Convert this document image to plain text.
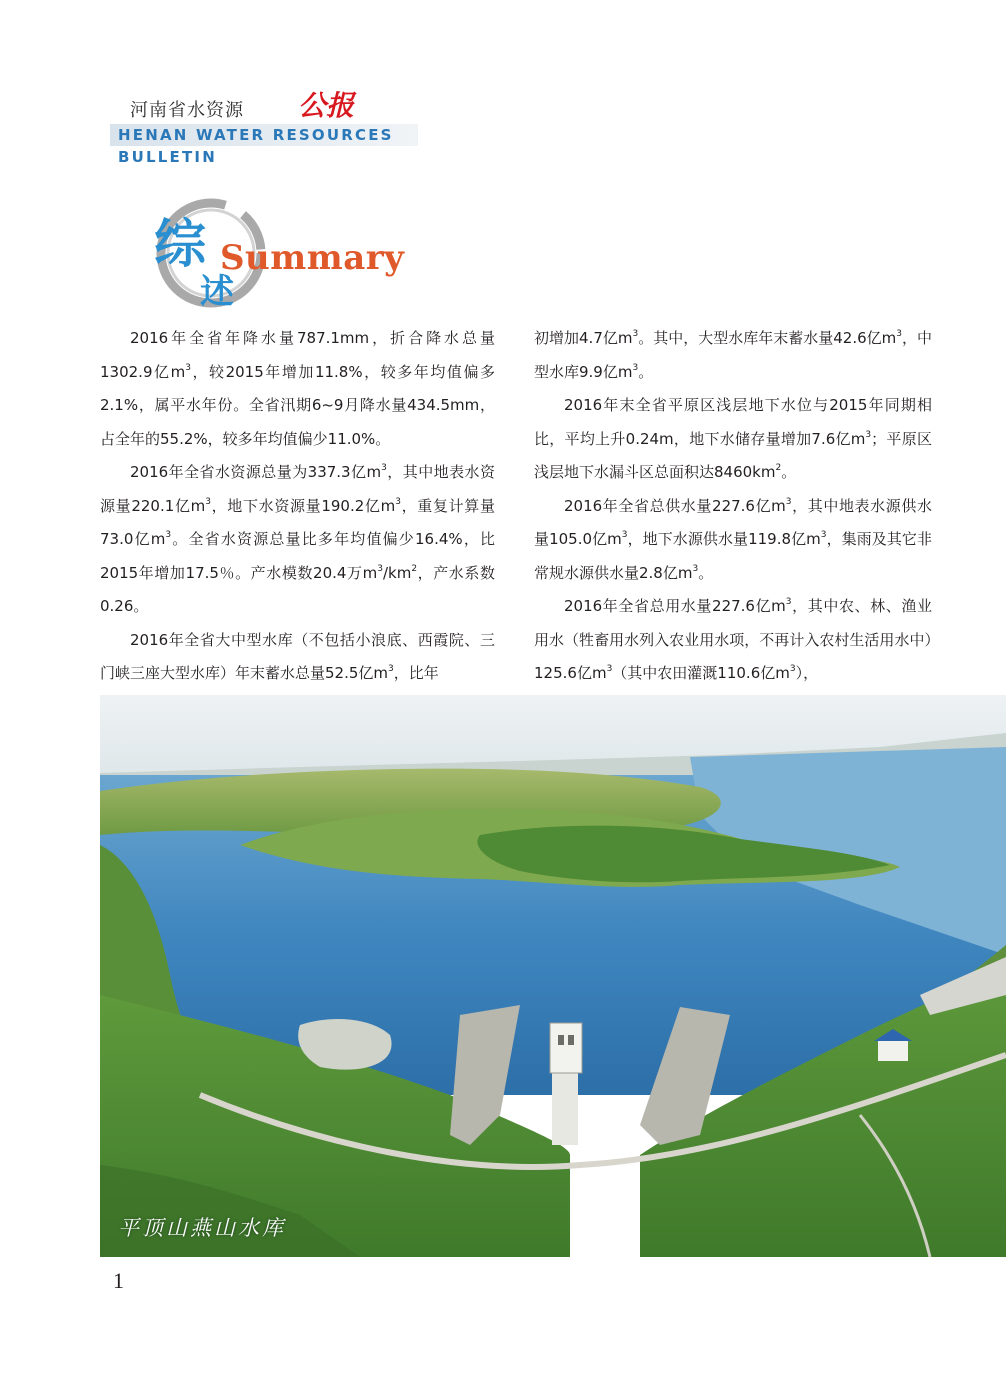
河南省水资源 公报
HENAN WATER RESOURCES BULLETIN
综
述
Summary

2016年全省年降水量787.1mm，折合降水总量1302.9亿$m^3$，较2015年增加11.8%，较多年均值偏多2.1%，属平水年份。全省汛期6~9月降水量434.5mm，占全年的55.2%，较多年均值偏少11.0%。

2016年全省水资源总量为337.3亿$m^3$，其中地表水资源量220.1亿$m^3$，地下水资源量190.2亿$m^3$，重复计算量73.0亿$m^3$。全省水资源总量比多年均值偏少16.4%，比2015年增加17.5％。产水模数20.4万$m^3/km^2$，产水系数0.26。

2016年全省大中型水库（不包括小浪底、西霞院、三门峡三座大型水库）年末蓄水总量52.5亿$m^3$，比年

初增加4.7亿$m^3$。其中，大型水库年末蓄水量42.6亿$m^3$，中型水库9.9亿$m^3$。

2016年末全省平原区浅层地下水位与2015年同期相比，平均上升0.24m，地下水储存量增加7.6亿$m^3$；平原区浅层地下水漏斗区总面积达$8460km^2$。

2016年全省总供水量227.6亿$m^3$，其中地表水源供水量105.0亿$m^3$，地下水源供水量119.8亿$m^3$，集雨及其它非常规水源供水量2.8亿$m^3$。

2016年全省总用水量227.6亿$m^3$，其中农、林、渔业用水（牲畜用水列入农业用水项，不再计入农村生活用水中）125.6亿$m^3$（其中农田灌溉110.6亿$m^3$），

平顶山燕山水库
1
